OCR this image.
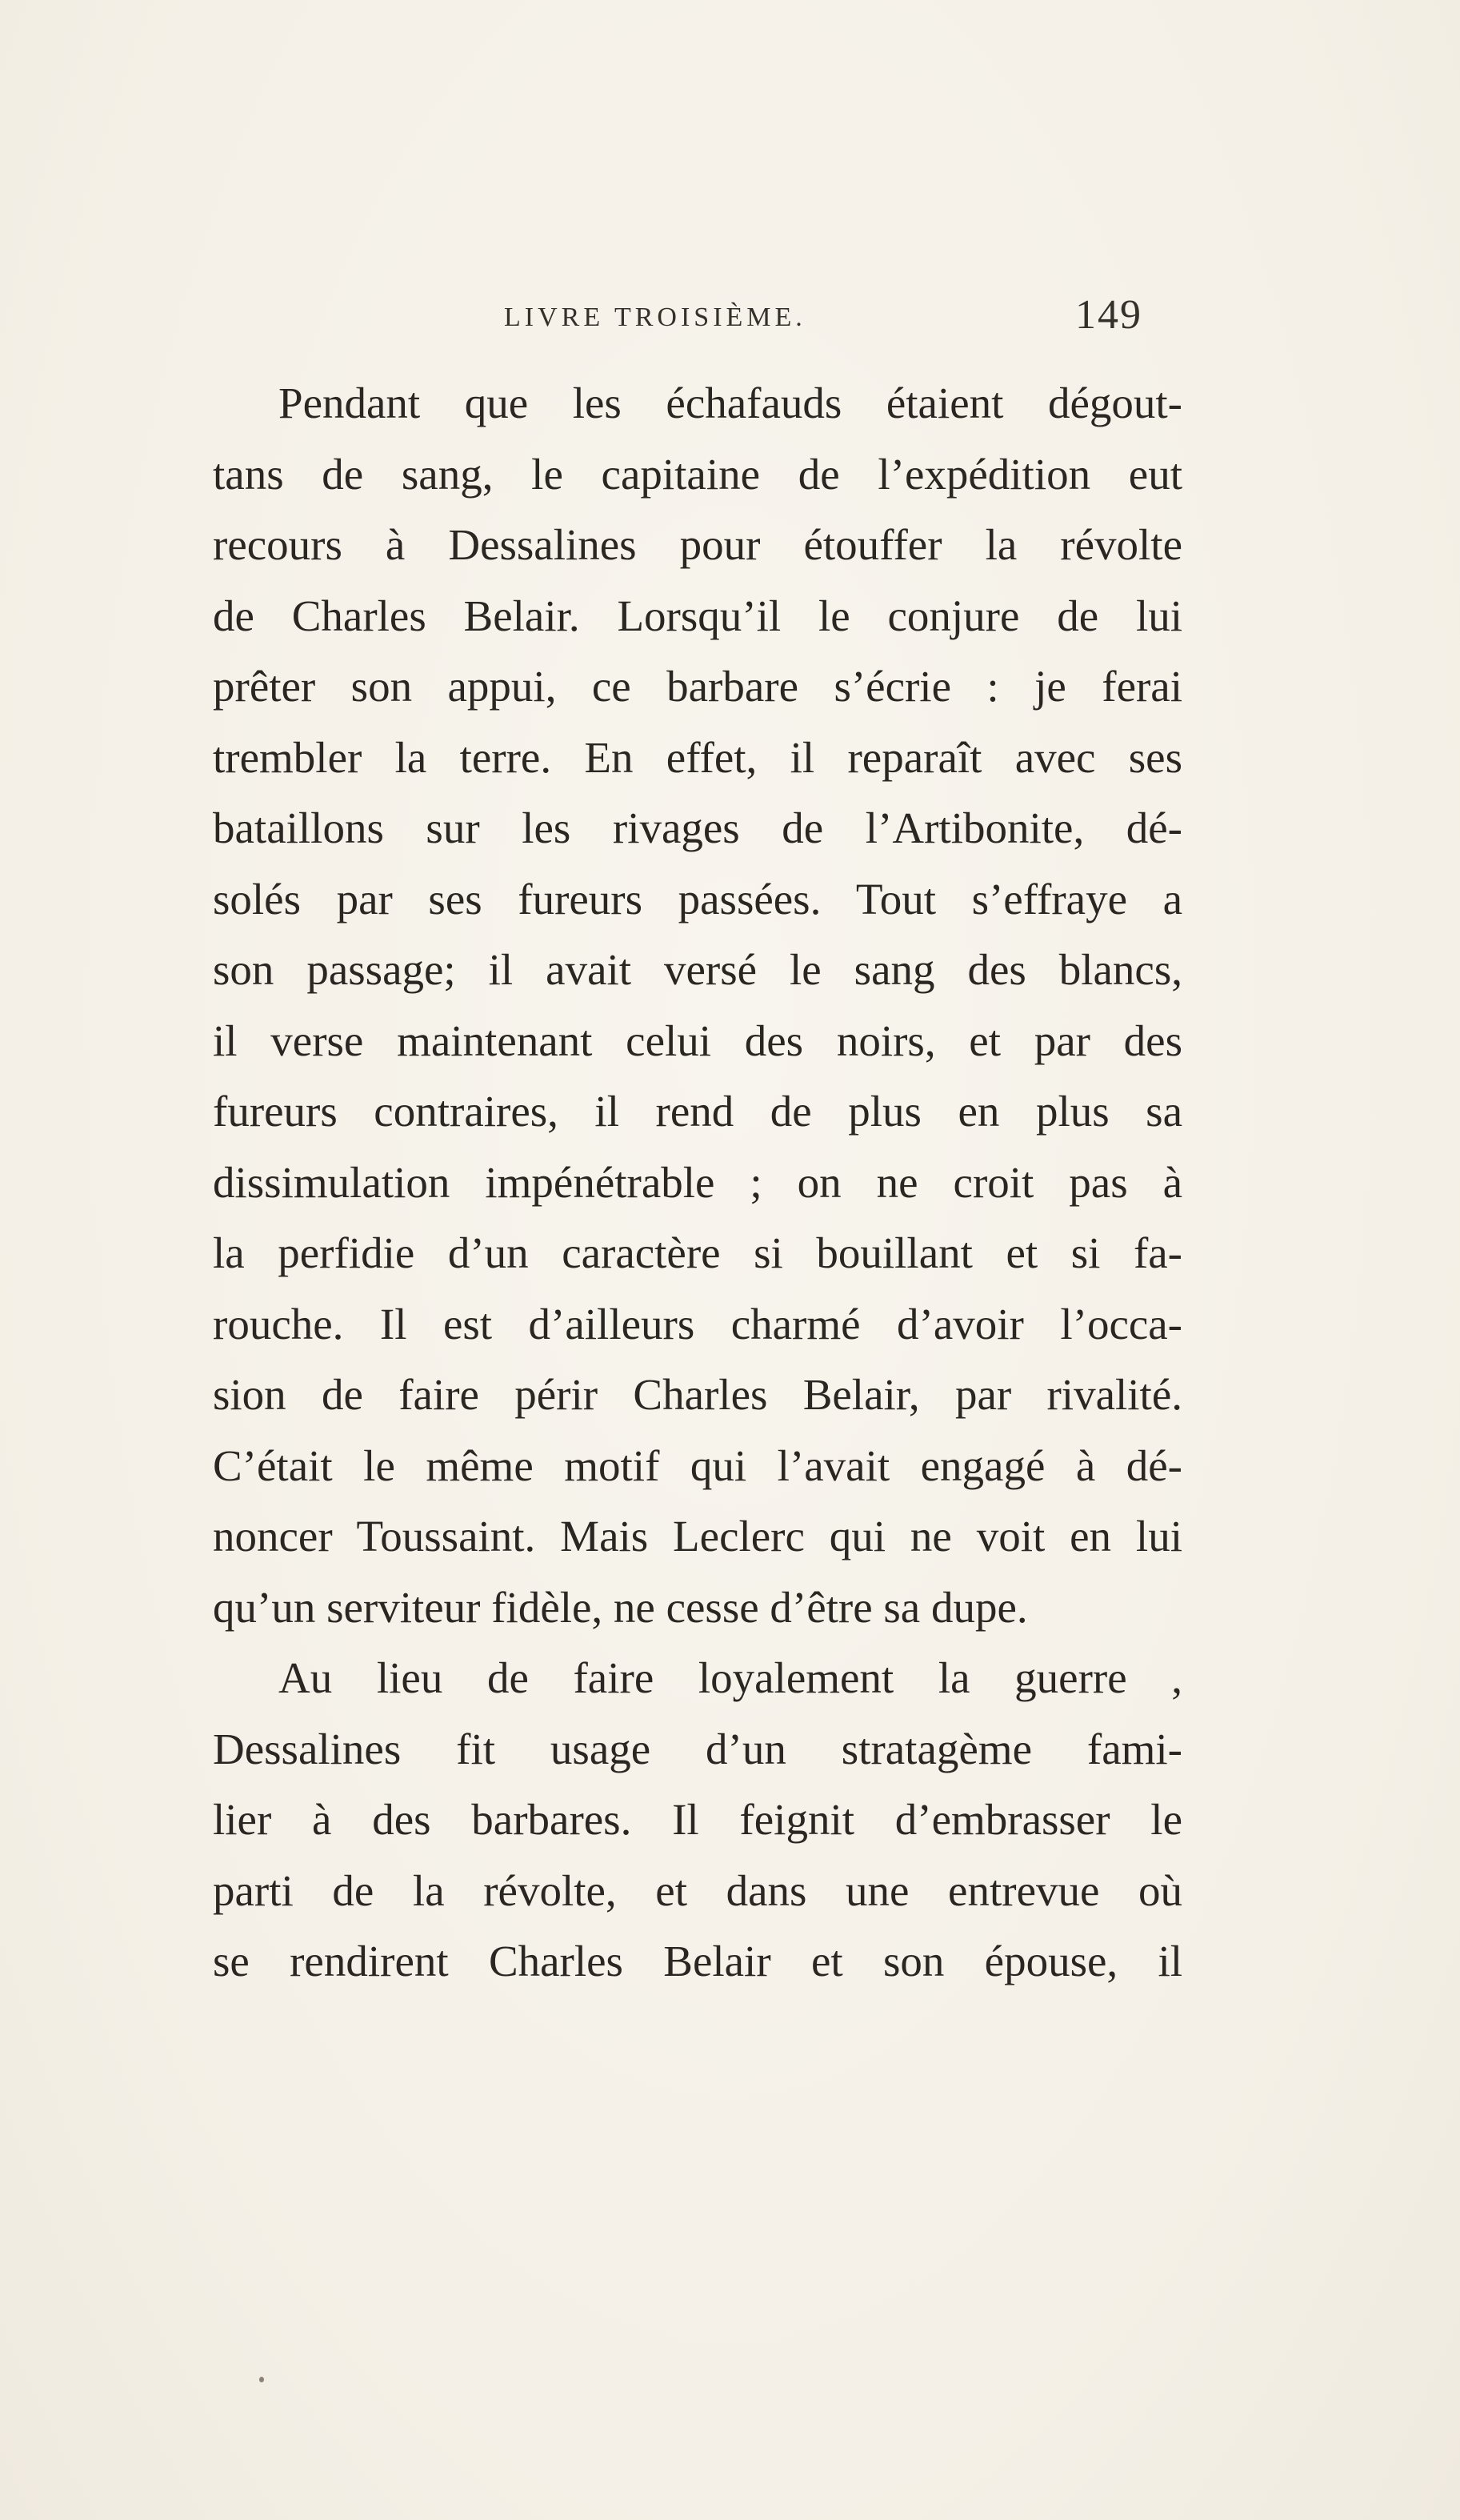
LIVRE TROISIÈME.	149
Pendant que les échafauds étaient dégout-
tans de sang, le capitaine de l’expédition eut
recours à Dessalines pour étouffer la révolte
de Charles Belair. Lorsqu’il le conjure de lui
prêter son appui, ce barbare s’écrie : je ferai
trembler la terre. En effet, il reparaît avec ses
bataillons sur les rivages de l’Artibonite, dé-
solés par ses fureurs passées. Tout s’effraye a
son passage; il avait versé le sang des blancs,
il verse maintenant celui des noirs, et par des
fureurs contraires, il rend de plus en plus sa
dissimulation impénétrable ; on ne croit pas à
la perfidie d’un caractère si bouillant et si fa-
rouche. Il est d’ailleurs charmé d’avoir l’occa-
sion de faire périr Charles Belair, par rivalité.
C’était le même motif qui l’avait engagé à dé-
noncer Toussaint. Mais Leclerc qui ne voit en lui
qu’un serviteur fidèle, ne cesse d’être sa dupe.
Au lieu de faire loyalement la guerre ,
Dessalines fit usage d’un stratagème fami-
lier à des barbares. Il feignit d’embrasser le
parti de la révolte, et dans une entrevue où
se rendirent Charles Belair et son épouse, il
